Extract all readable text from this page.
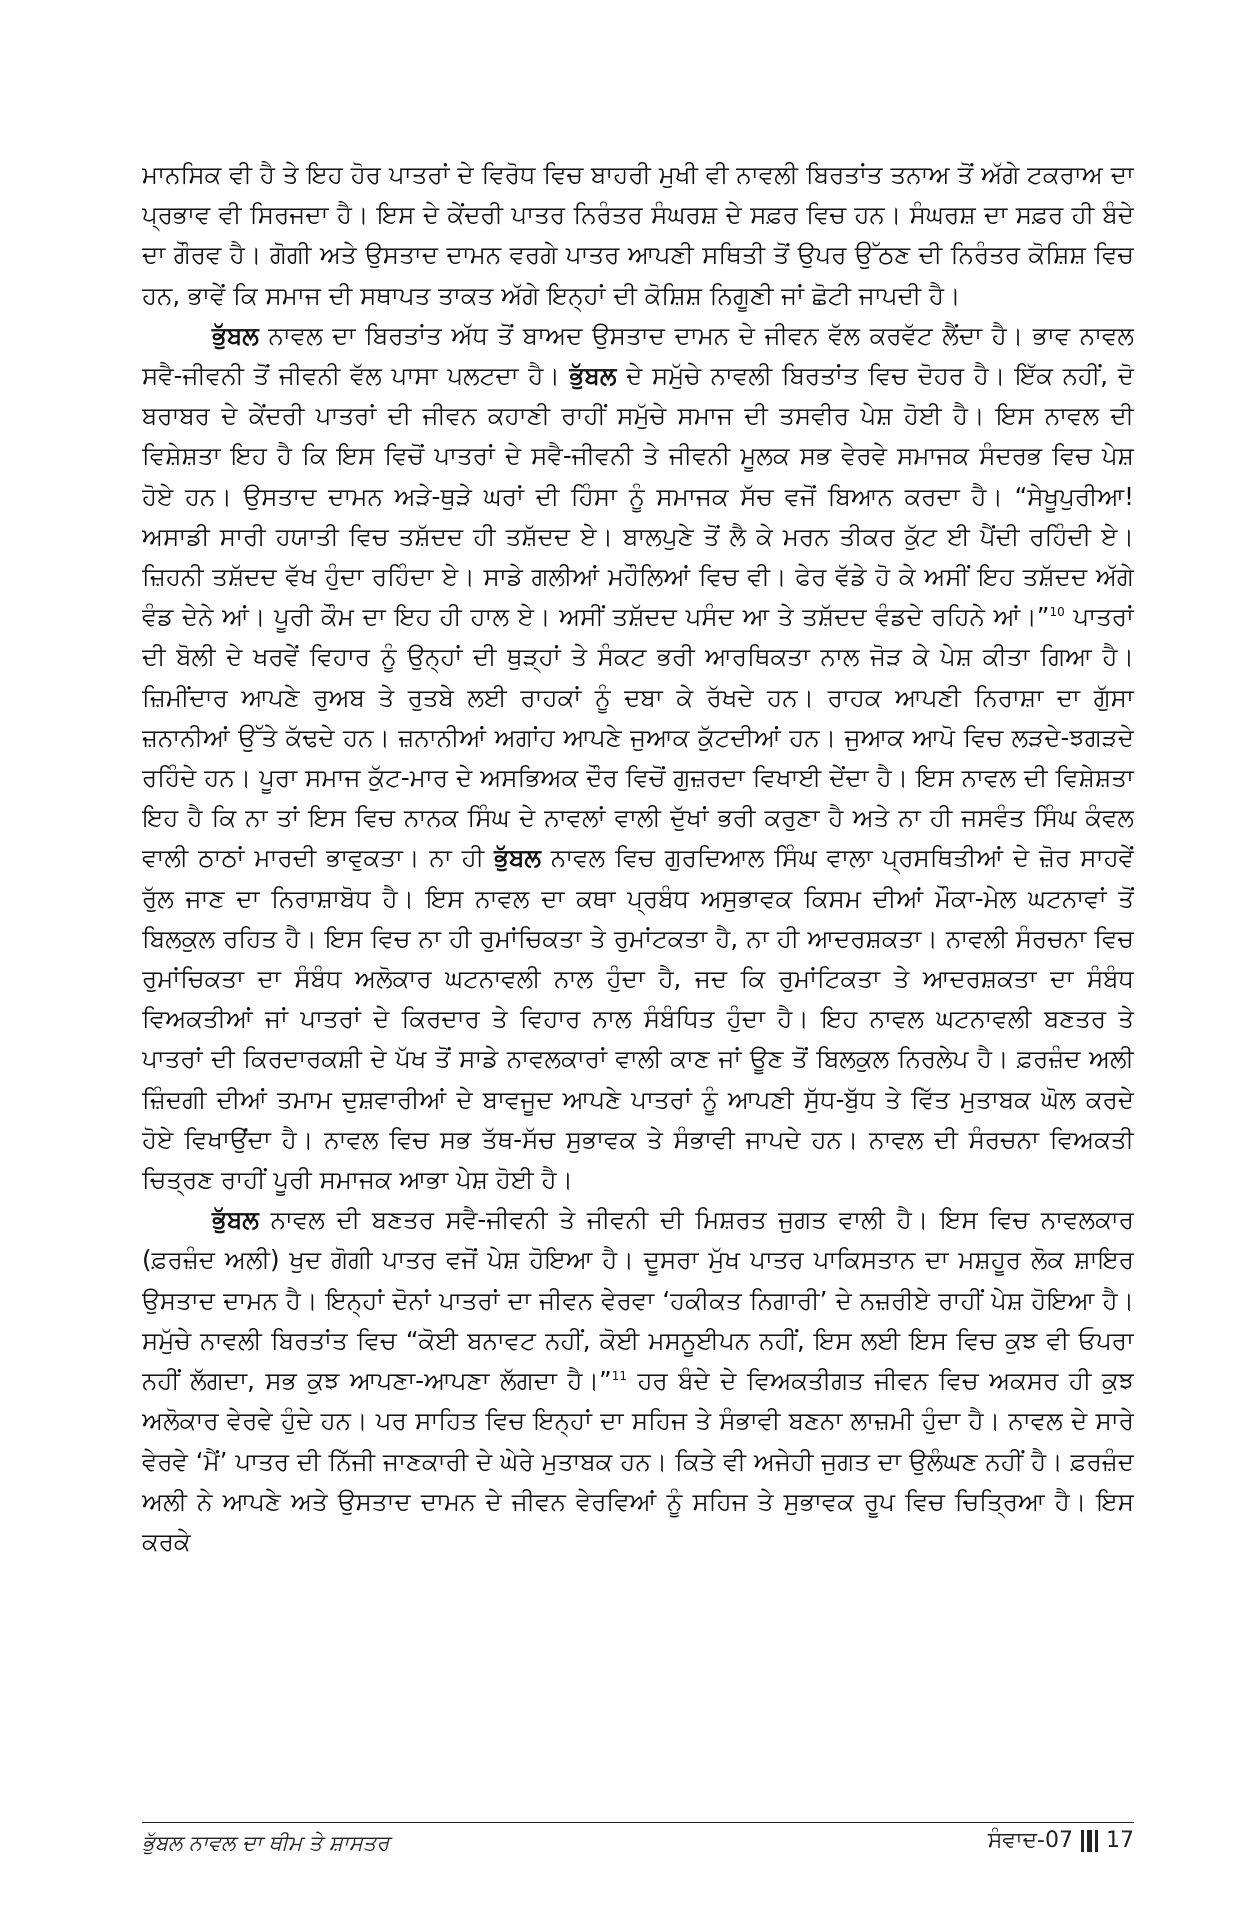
ਮਾਨਸਿਕ ਵੀ ਹੈ ਤੇ ਇਹ ਹੋਰ ਪਾਤਰਾਂ ਦੇ ਵਿਰੋਧ ਵਿਚ ਬਾਹਰੀ ਮੁਖੀ ਵੀ ਨਾਵਲੀ ਬਿਰਤਾਂਤ ਤਨਾਅ ਤੋਂ ਅੱਗੇ ਟਕਰਾਅ ਦਾ ਪ੍ਰਭਾਵ ਵੀ ਸਿਰਜਦਾ ਹੈ। ਇਸ ਦੇ ਕੇਂਦਰੀ ਪਾਤਰ ਨਿਰੰਤਰ ਸੰਘਰਸ਼ ਦੇ ਸਫ਼ਰ ਵਿਚ ਹਨ। ਸੰਘਰਸ਼ ਦਾ ਸਫ਼ਰ ਹੀ ਬੰਦੇ ਦਾ ਗੌਰਵ ਹੈ। ਗੋਗੀ ਅਤੇ ਉਸਤਾਦ ਦਾਮਨ ਵਰਗੇ ਪਾਤਰ ਆਪਣੀ ਸਥਿਤੀ ਤੋਂ ਉਪਰ ਉੱਠਣ ਦੀ ਨਿਰੰਤਰ ਕੋਸ਼ਿਸ਼ ਵਿਚ ਹਨ, ਭਾਵੇਂ ਕਿ ਸਮਾਜ ਦੀ ਸਥਾਪਤ ਤਾਕਤ ਅੱਗੇ ਇਨ੍ਹਾਂ ਦੀ ਕੋਸ਼ਿਸ਼ ਨਿਗੂਣੀ ਜਾਂ ਛੋਟੀ ਜਾਪਦੀ ਹੈ।

ਭੁੱਬਲ ਨਾਵਲ ਦਾ ਬਿਰਤਾਂਤ ਅੱਧ ਤੋਂ ਬਾਅਦ ਉਸਤਾਦ ਦਾਮਨ ਦੇ ਜੀਵਨ ਵੱਲ ਕਰਵੱਟ ਲੈਂਦਾ ਹੈ। ਭਾਵ ਨਾਵਲ ਸਵੈ-ਜੀਵਨੀ ਤੋਂ ਜੀਵਨੀ ਵੱਲ ਪਾਸਾ ਪਲਟਦਾ ਹੈ। ਭੁੱਬਲ ਦੇ ਸਮੁੱਚੇ ਨਾਵਲੀ ਬਿਰਤਾਂਤ ਵਿਚ ਦੋਹਰ ਹੈ। ਇੱਕ ਨਹੀਂ, ਦੋ ਬਰਾਬਰ ਦੇ ਕੇਂਦਰੀ ਪਾਤਰਾਂ ਦੀ ਜੀਵਨ ਕਹਾਣੀ ਰਾਹੀਂ ਸਮੁੱਚੇ ਸਮਾਜ ਦੀ ਤਸਵੀਰ ਪੇਸ਼ ਹੋਈ ਹੈ। ਇਸ ਨਾਵਲ ਦੀ ਵਿਸ਼ੇਸ਼ਤਾ ਇਹ ਹੈ ਕਿ ਇਸ ਵਿਚੋਂ ਪਾਤਰਾਂ ਦੇ ਸਵੈ-ਜੀਵਨੀ ਤੇ ਜੀਵਨੀ ਮੂਲਕ ਸਭ ਵੇਰਵੇ ਸਮਾਜਕ ਸੰਦਰਭ ਵਿਚ ਪੇਸ਼ ਹੋਏ ਹਨ। ਉਸਤਾਦ ਦਾਮਨ ਅੜੇ-ਥੁੜੇ ਘਰਾਂ ਦੀ ਹਿੰਸਾ ਨੂੰ ਸਮਾਜਕ ਸੱਚ ਵਜੋਂ ਬਿਆਨ ਕਰਦਾ ਹੈ। “ਸੇਖੂਪੁਰੀਆ! ਅਸਾਡੀ ਸਾਰੀ ਹਯਾਤੀ ਵਿਚ ਤਸ਼ੱਦਦ ਹੀ ਤਸ਼ੱਦਦ ਏ। ਬਾਲਪੁਣੇ ਤੋਂ ਲੈ ਕੇ ਮਰਨ ਤੀਕਰ ਕੁੱਟ ਈ ਪੈਂਦੀ ਰਹਿੰਦੀ ਏ। ਜ਼ਿਹਨੀ ਤਸ਼ੱਦਦ ਵੱਖ ਹੁੰਦਾ ਰਹਿੰਦਾ ਏ। ਸਾਡੇ ਗਲੀਆਂ ਮਹੌਲਿਆਂ ਵਿਚ ਵੀ। ਫੇਰ ਵੱਡੇ ਹੋ ਕੇ ਅਸੀਂ ਇਹ ਤਸ਼ੱਦਦ ਅੱਗੇ ਵੰਡ ਦੇਨੇ ਆਂ। ਪੂਰੀ ਕੌਮ ਦਾ ਇਹ ਹੀ ਹਾਲ ਏ। ਅਸੀਂ ਤਸ਼ੱਦਦ ਪਸੰਦ ਆ ਤੇ ਤਸ਼ੱਦਦ ਵੰਡਦੇ ਰਹਿਨੇ ਆਂ।”$^{10}$ ਪਾਤਰਾਂ ਦੀ ਬੋਲੀ ਦੇ ਖਰਵੇਂ ਵਿਹਾਰ ਨੂੰ ਉਨ੍ਹਾਂ ਦੀ ਥੁੜ੍ਹਾਂ ਤੇ ਸੰਕਟ ਭਰੀ ਆਰਥਿਕਤਾ ਨਾਲ ਜੋੜ ਕੇ ਪੇਸ਼ ਕੀਤਾ ਗਿਆ ਹੈ। ਜ਼ਿਮੀਂਦਾਰ ਆਪਣੇ ਰੁਅਬ ਤੇ ਰੁਤਬੇ ਲਈ ਰਾਹਕਾਂ ਨੂੰ ਦਬਾ ਕੇ ਰੱਖਦੇ ਹਨ। ਰਾਹਕ ਆਪਣੀ ਨਿਰਾਸ਼ਾ ਦਾ ਗੁੱਸਾ ਜ਼ਨਾਨੀਆਂ ਉੱਤੇ ਕੱਢਦੇ ਹਨ। ਜ਼ਨਾਨੀਆਂ ਅਗਾਂਹ ਆਪਣੇ ਜੁਆਕ ਕੁੱਟਦੀਆਂ ਹਨ। ਜੁਆਕ ਆਪੋ ਵਿਚ ਲੜਦੇ-ਝਗੜਦੇ ਰਹਿੰਦੇ ਹਨ। ਪੂਰਾ ਸਮਾਜ ਕੁੱਟ-ਮਾਰ ਦੇ ਅਸਭਿਅਕ ਦੌਰ ਵਿਚੋਂ ਗੁਜ਼ਰਦਾ ਵਿਖਾਈ ਦੇਂਦਾ ਹੈ। ਇਸ ਨਾਵਲ ਦੀ ਵਿਸ਼ੇਸ਼ਤਾ ਇਹ ਹੈ ਕਿ ਨਾ ਤਾਂ ਇਸ ਵਿਚ ਨਾਨਕ ਸਿੰਘ ਦੇ ਨਾਵਲਾਂ ਵਾਲੀ ਦੁੱਖਾਂ ਭਰੀ ਕਰੁਣਾ ਹੈ ਅਤੇ ਨਾ ਹੀ ਜਸਵੰਤ ਸਿੰਘ ਕੰਵਲ ਵਾਲੀ ਠਾਠਾਂ ਮਾਰਦੀ ਭਾਵੁਕਤਾ। ਨਾ ਹੀ ਭੁੱਬਲ ਨਾਵਲ ਵਿਚ ਗੁਰਦਿਆਲ ਸਿੰਘ ਵਾਲਾ ਪ੍ਰਸਥਿਤੀਆਂ ਦੇ ਜ਼ੋਰ ਸਾਹਵੇਂ ਰੁੱਲ ਜਾਣ ਦਾ ਨਿਰਾਸ਼ਾਬੋਧ ਹੈ। ਇਸ ਨਾਵਲ ਦਾ ਕਥਾ ਪ੍ਰਬੰਧ ਅਸੁਭਾਵਕ ਕਿਸਮ ਦੀਆਂ ਮੌਕਾ-ਮੇਲ ਘਟਨਾਵਾਂ ਤੋਂ ਬਿਲਕੁਲ ਰਹਿਤ ਹੈ। ਇਸ ਵਿਚ ਨਾ ਹੀ ਰੁਮਾਂਚਿਕਤਾ ਤੇ ਰੁਮਾਂਟਕਤਾ ਹੈ, ਨਾ ਹੀ ਆਦਰਸ਼ਕਤਾ। ਨਾਵਲੀ ਸੰਰਚਨਾ ਵਿਚ ਰੁਮਾਂਚਿਕਤਾ ਦਾ ਸੰਬੰਧ ਅਲੋਕਾਰ ਘਟਨਾਵਲੀ ਨਾਲ ਹੁੰਦਾ ਹੈ, ਜਦ ਕਿ ਰੁਮਾਂਟਿਕਤਾ ਤੇ ਆਦਰਸ਼ਕਤਾ ਦਾ ਸੰਬੰਧ ਵਿਅਕਤੀਆਂ ਜਾਂ ਪਾਤਰਾਂ ਦੇ ਕਿਰਦਾਰ ਤੇ ਵਿਹਾਰ ਨਾਲ ਸੰਬੰਧਿਤ ਹੁੰਦਾ ਹੈ। ਇਹ ਨਾਵਲ ਘਟਨਾਵਲੀ ਬਣਤਰ ਤੇ ਪਾਤਰਾਂ ਦੀ ਕਿਰਦਾਰਕਸ਼ੀ ਦੇ ਪੱਖ ਤੋਂ ਸਾਡੇ ਨਾਵਲਕਾਰਾਂ ਵਾਲੀ ਕਾਣ ਜਾਂ ਊਣ ਤੋਂ ਬਿਲਕੁਲ ਨਿਰਲੇਪ ਹੈ। ਫ਼ਰਜ਼ੰਦ ਅਲੀ ਜ਼ਿੰਦਗੀ ਦੀਆਂ ਤਮਾਮ ਦੁਸ਼ਵਾਰੀਆਂ ਦੇ ਬਾਵਜੂਦ ਆਪਣੇ ਪਾਤਰਾਂ ਨੂੰ ਆਪਣੀ ਸੁੱਧ-ਬੁੱਧ ਤੇ ਵਿੱਤ ਮੁਤਾਬਕ ਘੋਲ ਕਰਦੇ ਹੋਏ ਵਿਖਾਉਂਦਾ ਹੈ। ਨਾਵਲ ਵਿਚ ਸਭ ਤੱਥ-ਸੱਚ ਸੁਭਾਵਕ ਤੇ ਸੰਭਾਵੀ ਜਾਪਦੇ ਹਨ। ਨਾਵਲ ਦੀ ਸੰਰਚਨਾ ਵਿਅਕਤੀ ਚਿਤ੍ਰਣ ਰਾਹੀਂ ਪੂਰੀ ਸਮਾਜਕ ਆਭਾ ਪੇਸ਼ ਹੋਈ ਹੈ।

ਭੁੱਬਲ ਨਾਵਲ ਦੀ ਬਣਤਰ ਸਵੈ-ਜੀਵਨੀ ਤੇ ਜੀਵਨੀ ਦੀ ਮਿਸ਼ਰਤ ਜੁਗਤ ਵਾਲੀ ਹੈ। ਇਸ ਵਿਚ ਨਾਵਲਕਾਰ (ਫ਼ਰਜ਼ੰਦ ਅਲੀ) ਖੁਦ ਗੋਗੀ ਪਾਤਰ ਵਜੋਂ ਪੇਸ਼ ਹੋਇਆ ਹੈ। ਦੂਸਰਾ ਮੁੱਖ ਪਾਤਰ ਪਾਕਿਸਤਾਨ ਦਾ ਮਸ਼ਹੂਰ ਲੋਕ ਸ਼ਾਇਰ ਉਸਤਾਦ ਦਾਮਨ ਹੈ। ਇਨ੍ਹਾਂ ਦੋਨਾਂ ਪਾਤਰਾਂ ਦਾ ਜੀਵਨ ਵੇਰਵਾ ‘ਹਕੀਕਤ ਨਿਗਾਰੀ’ ਦੇ ਨਜ਼ਰੀਏ ਰਾਹੀਂ ਪੇਸ਼ ਹੋਇਆ ਹੈ। ਸਮੁੱਚੇ ਨਾਵਲੀ ਬਿਰਤਾਂਤ ਵਿਚ “ਕੋਈ ਬਨਾਵਟ ਨਹੀਂ, ਕੋਈ ਮਸਨੂਈਪਨ ਨਹੀਂ, ਇਸ ਲਈ ਇਸ ਵਿਚ ਕੁਝ ਵੀ ਓਪਰਾ ਨਹੀਂ ਲੱਗਦਾ, ਸਭ ਕੁਝ ਆਪਣਾ-ਆਪਣਾ ਲੱਗਦਾ ਹੈ।”$^{11}$ ਹਰ ਬੰਦੇ ਦੇ ਵਿਅਕਤੀਗਤ ਜੀਵਨ ਵਿਚ ਅਕਸਰ ਹੀ ਕੁਝ ਅਲੋਕਾਰ ਵੇਰਵੇ ਹੁੰਦੇ ਹਨ। ਪਰ ਸਾਹਿਤ ਵਿਚ ਇਨ੍ਹਾਂ ਦਾ ਸਹਿਜ ਤੇ ਸੰਭਾਵੀ ਬਣਨਾ ਲਾਜ਼ਮੀ ਹੁੰਦਾ ਹੈ। ਨਾਵਲ ਦੇ ਸਾਰੇ ਵੇਰਵੇ ‘ਮੈਂ’ ਪਾਤਰ ਦੀ ਨਿੱਜੀ ਜਾਣਕਾਰੀ ਦੇ ਘੇਰੇ ਮੁਤਾਬਕ ਹਨ। ਕਿਤੇ ਵੀ ਅਜੇਹੀ ਜੁਗਤ ਦਾ ਉਲੰਘਣ ਨਹੀਂ ਹੈ। ਫ਼ਰਜ਼ੰਦ ਅਲੀ ਨੇ ਆਪਣੇ ਅਤੇ ਉਸਤਾਦ ਦਾਮਨ ਦੇ ਜੀਵਨ ਵੇਰਵਿਆਂ ਨੂੰ ਸਹਿਜ ਤੇ ਸੁਭਾਵਕ ਰੂਪ ਵਿਚ ਚਿਤ੍ਰਿਆ ਹੈ। ਇਸ ਕਰਕੇ

ਭੁੱਬਲ ਨਾਵਲ ਦਾ ਥੀਮ ਤੇ ਸ਼ਾਸਤਰ	ਸੰਵਾਦ-07 17
